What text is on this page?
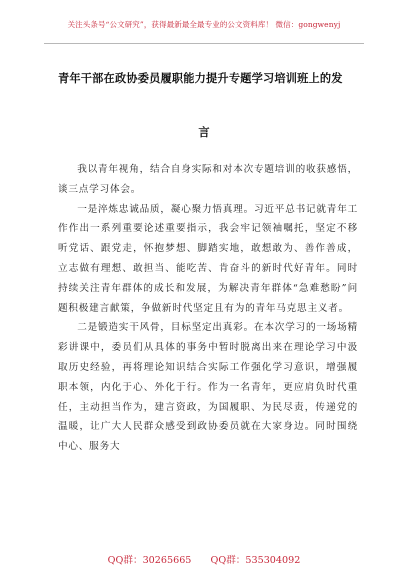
关注头条号“公文研究”，获得最新最全最专业的公文资料库！ 微信：gongwenyj
青年干部在政协委员履职能力提升专题学习培训班上的发
言

我以青年视角，结合自身实际和对本次专题培训的收获感悟，谈三点学习体会。

一是淬炼忠诚品质，凝心聚力悟真理。习近平总书记就青年工作作出一系列重要论述重要指示，我会牢记领袖嘱托，坚定不移听党话、跟党走，怀抱梦想、脚踏实地，敢想敢为、善作善成，立志做有理想、敢担当、能吃苦、肯奋斗的新时代好青年。同时持续关注青年群体的成长和发展，为解决青年群体“急难愁盼”问题积极建言献策，争做新时代坚定且有为的青年马克思主义者。

二是锻造实干风骨，目标坚定出真彩。在本次学习的一场场精彩讲课中，委员们从具体的事务中暂时脱离出来在理论学习中汲取历史经验，再将理论知识结合实际工作强化学习意识，增强履职本领，内化于心、外化于行。作为一名青年，更应肩负时代重任，主动担当作为，建言资政，为国履职、为民尽责，传递党的温暖，让广大人民群众感受到政协委员就在大家身边。同时围绕中心、服务大

QQ群：30265665 QQ群：535304092
